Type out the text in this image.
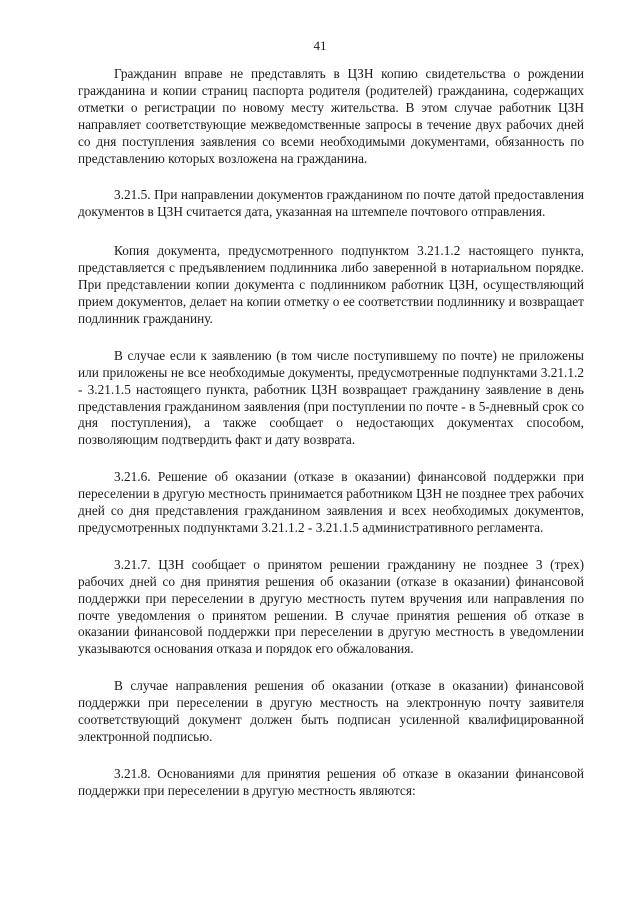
41

Гражданин вправе не представлять в ЦЗН копию свидетельства о рождении гражданина и копии страниц паспорта родителя (родителей) гражданина, содержащих отметки о регистрации по новому месту жительства. В этом случае работник ЦЗН направляет соответствующие межведомственные запросы в течение двух рабочих дней со дня поступления заявления со всеми необходимыми документами, обязанность по представлению которых возложена на гражданина.

3.21.5. При направлении документов гражданином по почте датой предоставления документов в ЦЗН считается дата, указанная на штемпеле почтового отправления.

Копия документа, предусмотренного подпунктом 3.21.1.2 настоящего пункта, представляется с предъявлением подлинника либо заверенной в нотариальном порядке. При представлении копии документа с подлинником работник ЦЗН, осуществляющий прием документов, делает на копии отметку о ее соответствии подлиннику и возвращает подлинник гражданину.

В случае если к заявлению (в том числе поступившему по почте) не приложены или приложены не все необходимые документы, предусмотренные подпунктами 3.21.1.2 - 3.21.1.5 настоящего пункта, работник ЦЗН возвращает гражданину заявление в день представления гражданином заявления (при поступлении по почте - в 5-дневный срок со дня поступления), а также сообщает о недостающих документах способом, позволяющим подтвердить факт и дату возврата.

3.21.6. Решение об оказании (отказе в оказании) финансовой поддержки при переселении в другую местность принимается работником ЦЗН не позднее трех рабочих дней со дня представления гражданином заявления и всех необходимых документов, предусмотренных подпунктами 3.21.1.2 - 3.21.1.5 административного регламента.

3.21.7. ЦЗН сообщает о принятом решении гражданину не позднее 3 (трех) рабочих дней со дня принятия решения об оказании (отказе в оказании) финансовой поддержки при переселении в другую местность путем вручения или направления по почте уведомления о принятом решении. В случае принятия решения об отказе в оказании финансовой поддержки при переселении в другую местность в уведомлении указываются основания отказа и порядок его обжалования.

В случае направления решения об оказании (отказе в оказании) финансовой поддержки при переселении в другую местность на электронную почту заявителя соответствующий документ должен быть подписан усиленной квалифицированной электронной подписью.

3.21.8. Основаниями для принятия решения об отказе в оказании финансовой поддержки при переселении в другую местность являются:
